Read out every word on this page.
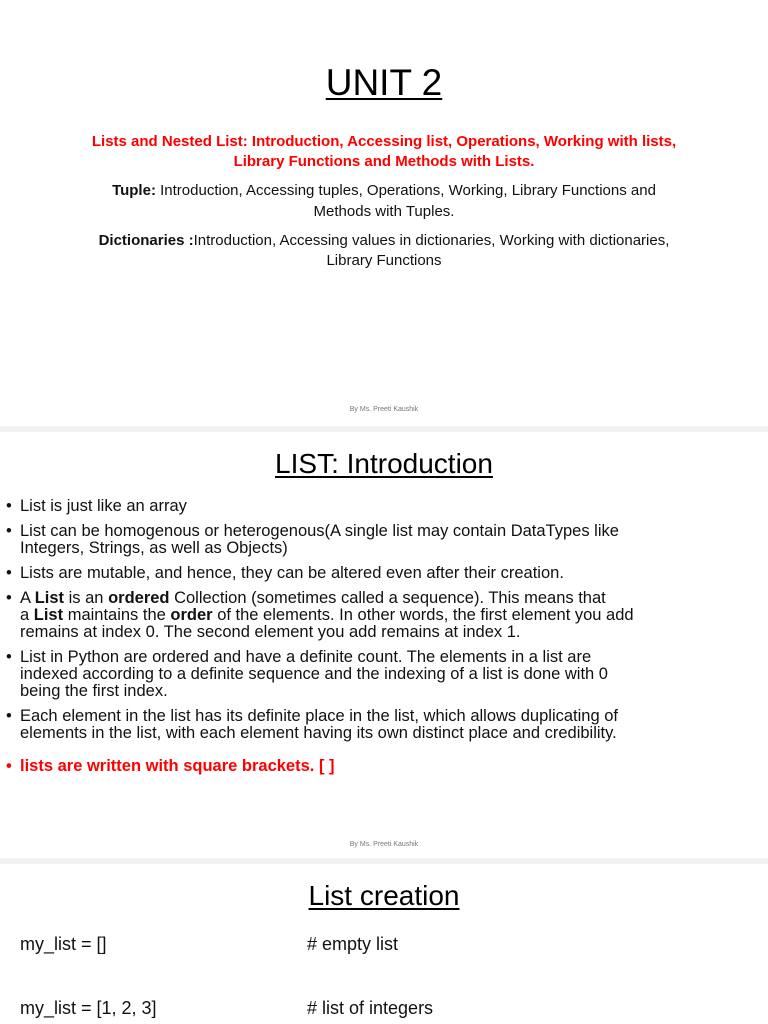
UNIT 2
Lists and Nested List: Introduction, Accessing list, Operations, Working with lists,
Library Functions and Methods with Lists.
Tuple: Introduction, Accessing tuples, Operations, Working, Library Functions and
Methods with Tuples.
Dictionaries :Introduction, Accessing values in dictionaries, Working with dictionaries,
Library Functions
By Ms. Preeti Kaushik
LIST: Introduction
• List is just like an array
• List can be homogenous or heterogenous(A single list may contain DataTypes like
Integers, Strings, as well as Objects)
• Lists are mutable, and hence, they can be altered even after their creation.
• A List is an ordered Collection (sometimes called a sequence). This means that
a List maintains the order of the elements. In other words, the first element you add
remains at index 0. The second element you add remains at index 1.
• List in Python are ordered and have a definite count. The elements in a list are
indexed according to a definite sequence and the indexing of a list is done with 0
being the first index.
• Each element in the list has its definite place in the list, which allows duplicating of
elements in the list, with each element having its own distinct place and credibility.
• lists are written with square brackets. [ ]
By Ms. Preeti Kaushik
List creation
my_list = []	# empty list
my_list = [1, 2, 3]	# list of integers
